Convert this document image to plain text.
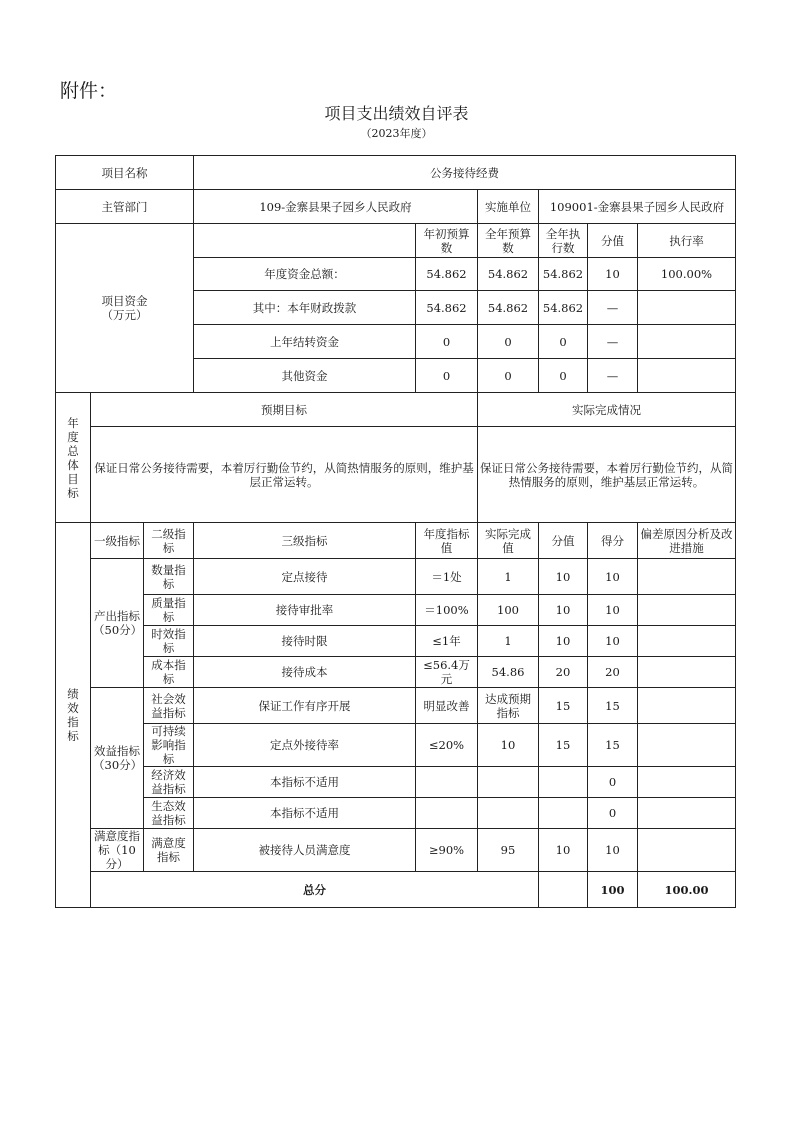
附件：
项目支出绩效自评表
（2023年度）
项目名称			公务接待经费						
主管部门			109-金寨县果子园乡人民政府		实施单位	109001-金寨县果子园乡人民政府			

项目资金
（万元）				年初预算数	全年预算数	全年执行数	分值	执行率	
			年度资金总额：	54.862	54.862	54.862	10	100.00%	
			其中：本年财政拨款	54.862	54.862	54.862	—		
			上年结转资金	0	0	0	—		
			其他资金	0	0	0	—		
年度总体目标	预期目标				实际完成情况				
	保证日常公务接待需要，本着厉行勤俭节约，从简热情服务的原则，维护基层正常运转。				保证日常公务接待需要，本着厉行勤俭节约，从简热情服务的原则，维护基层正常运转。				
绩效指标	一级指标	二级指标	三级指标	年度指标值	实际完成值	分值	得分	偏差原因分析及改进措施	
	产出指标（50分）	数量指标	定点接待	＝1处	1	10	10		
		质量指标	接待审批率	＝100%	100	10	10		
		时效指标	接待时限	≤1年	1	10	10		
		成本指标	接待成本	≤56.4万元	54.86	20	20		
	效益指标（30分）	社会效益指标	保证工作有序开展	明显改善	达成预期指标	15	15		
		可持续影响指标	定点外接待率	≤20%	10	15	15		
		经济效益指标	本指标不适用				0		
		生态效益指标	本指标不适用				0		
	满意度指标（10分）	满意度指标	被接待人员满意度	≥90%	95	10	10		
	总分						100	100.00	
